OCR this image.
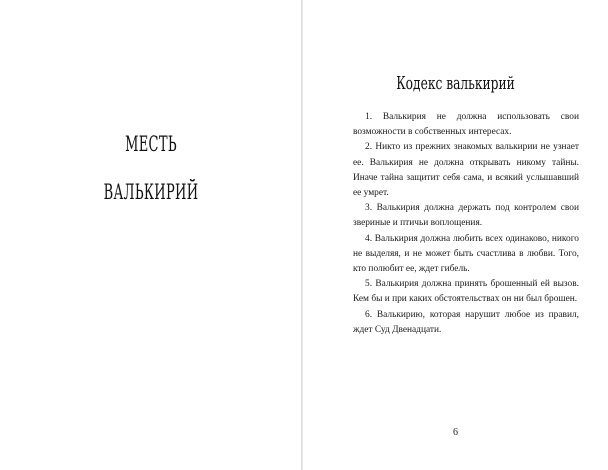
МЕСТЬ
ВАЛЬКИРИЙ
Кодекс валькирий

1. Валькирия не должна использовать свои возможности в собственных интересах.

2. Никто из прежних знакомых валькирии не узнает ее. Валькирия не должна открывать никому тайны. Иначе тайна защитит себя сама, и всякий услышавший ее умрет.

3. Валькирия должна держать под контролем свои звериные и птичьи воплощения.

4. Валькирия должна любить всех одинаково, никого не выделяя, и не может быть счастлива в любви. Того, кто полюбит ее, ждет гибель.

5. Валькирия должна принять брошенный ей вызов. Кем бы и при каких обстоятельствах он ни был брошен.

6. Валькирию, которая нарушит любое из правил, ждет Суд Двенадцати.

6
